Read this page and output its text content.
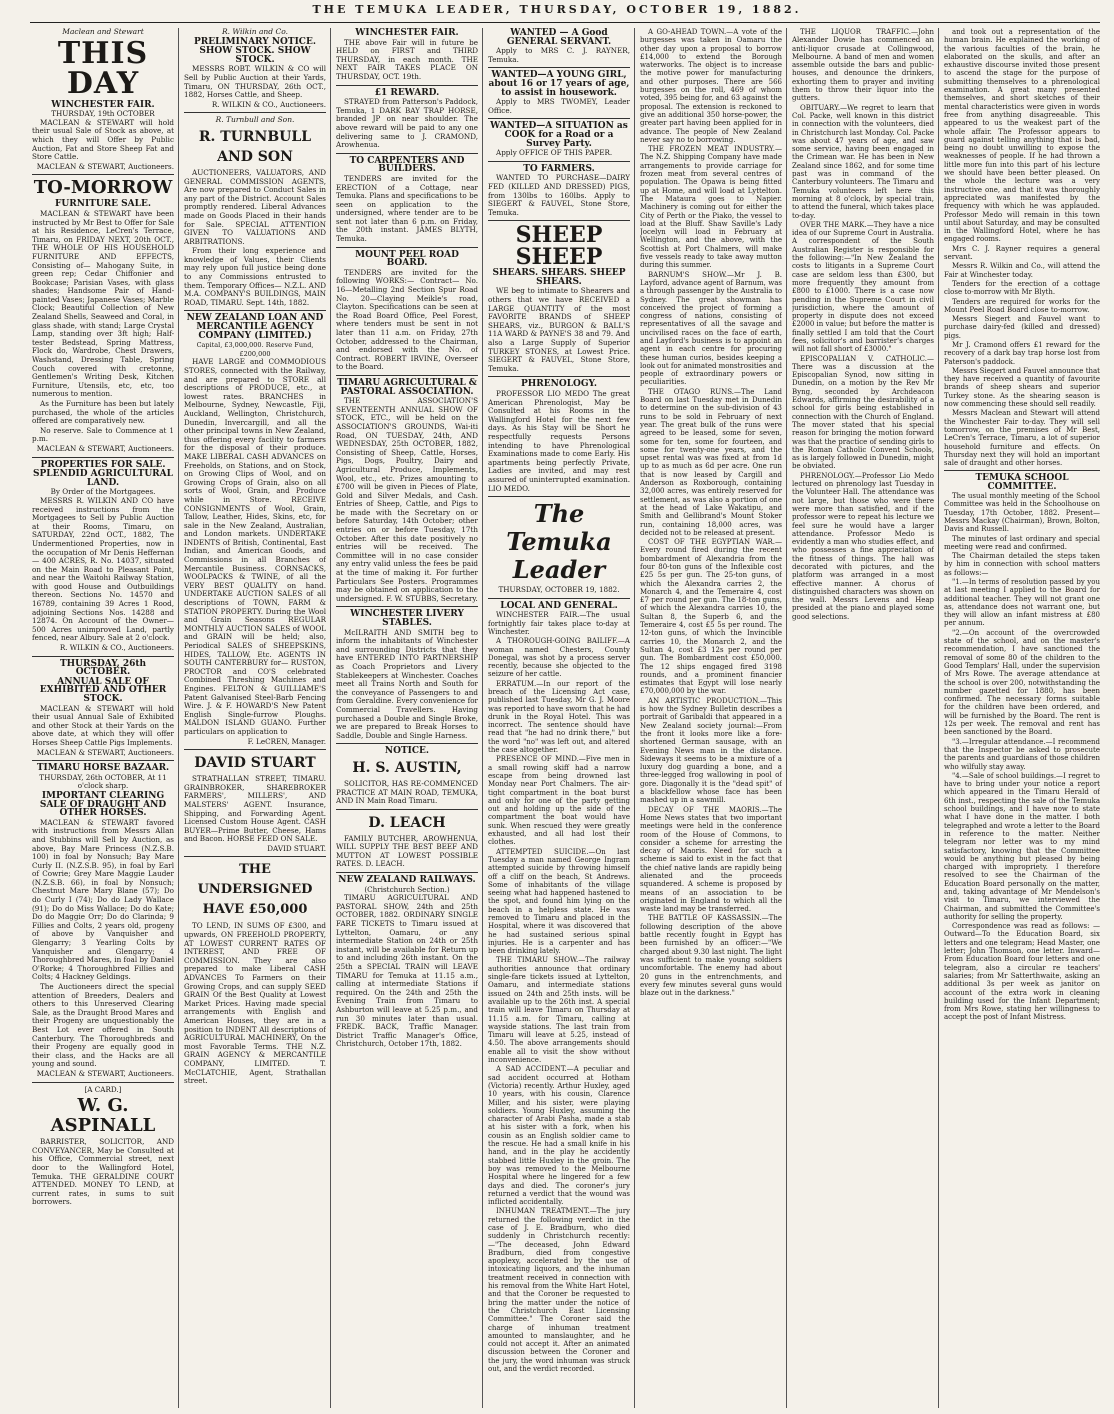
THE TEMUKA LEADER, THURSDAY, OCTOBER 19, 1882.
Maclean and Stewart
THIS DAY
WINCHESTER FAIR.
THURSDAY, 19th OCTOBER

MACLEAN & STEWART will hold their usual Sale of Stock as above, at which they will Offer by Public Auction, Fat and Store Sheep Fat and Store Cattle.

MACLEAN & STEWART, Auctioneers.
TO-MORROW
FURNITURE SALE.

MACLEAN & STEWART have been instructed by Mr Best to Offer for Sale at his Residence, LeCren's Terrace, Timaru, on FRIDAY NEXT, 20th OCT., THE WHOLE OF HIS HOUSEHOLD FURNITURE AND EFFECTS, Consisting of— Mahogany Suite, in green rep; Cedar Chiffonier and Bookcase; Parisian Vases, with glass shades; Handsome Pair of Hand-painted Vases; Japanese Vases; Marble Clock; Beautiful Collection of New Zealand Shells, Seaweed and Coral, in glass shade, with stand; Large Crystal Lamp, standing over 3ft high; Half-tester Bedstead, Spring Mattress, Flock do, Wardrobe, Chest Drawers, Washstand, Dressing Table, Spring Couch covered with cretonne, Gentlemen's Writing Desk, Kitchen Furniture, Utensils, etc, etc, too numerous to mention.

As the Furniture has been but lately purchased, the whole of the articles offered are comparatively new.

No reserve. Sale to Commence at 1 p.m.

MACLEAN & STEWART, Auctioneers.
PROPERTIES FOR SALE.
SPLENDID AGRICULTURAL LAND.
By Order of the Mortgagees.

MESSRS R. WILKIN AND CO have received instructions from the Mortgagees to Sell by Public Auction at their Rooms, Timaru, on SATURDAY, 22nd OCT., 1882, The Undermentioned Properties, now in the occupation of Mr Denis Heffernan— 400 ACRES, R. No. 14037, situated on the Main Road to Pleasant Point, and near the Waitohi Railway Station, with good House and Outbuildings thereon. Sections No. 14570 and 16789, containing 39 Acres 1 Rood, adjoining Sections Nos. 14288 and 12874. On Account of the Owner— 500 Acres unimproved Land, partly fenced, near Albury. Sale at 2 o'clock.

R. WILKIN & CO., Auctioneers.
THURSDAY, 26th OCTOBER.
ANNUAL SALE OF EXHIBITED AND OTHER STOCK.

MACLEAN & STEWART will hold their usual Annual Sale of Exhibited and other Stock at their Yards on the above date, at which they will offer Horses Sheep Cattle Pigs Implements.

MACLEAN & STEWART, Auctioneers.
TIMARU HORSE BAZAAR.
THURSDAY, 26th OCTOBER, At 11 o'clock sharp.
IMPORTANT CLEARING SALE OF DRAUGHT AND OTHER HORSES.

MACLEAN & STEWART favored with instructions from Messrs Allan and Stubbins will Sell by Auction, as above, Bay Mare Princess (N.Z.S.B. 100) in foal by Nonsuch; Bay Mare Curly II. (N.Z.S.B. 95), in foal by Earl of Cowrie; Grey Mare Maggie Lauder (N.Z.S.B. 66), in foal by Nonsuch; Chestnut Mare Mary Blane (57); Do do Curly I (74); Do do Lady Wallace (91); Do do Miss Wallace; Do do Kate; Do do Maggie Orr; Do do Clarinda; 9 Fillies and Colts, 2 years old, progeny of above by Vanquisher and Glengarry; 3 Yearling Colts by Vanquisher and Glengarry; 4 Thoroughbred Mares, in foal by Daniel O'Rorke; 4 Thoroughbred Fillies and Colts; 4 Hackney Geldings.

The Auctioneers direct the special attention of Breeders, Dealers and others to this Unreserved Clearing Sale, as the Draught Brood Mares and their Progeny are unquestionably the Best Lot ever offered in South Canterbury. The Thoroughbreds and their Progeny are equally good in their class, and the Hacks are all young and sound.

MACLEAN & STEWART, Auctioneers.
[A CARD.]
W. G. ASPINALL

BARRISTER, SOLICITOR, AND CONVEYANCER, May be Consulted at his Office, Commercial street, next door to the Wallingford Hotel, Temuka. THE GERALDINE COURT ATTENDED. MONEY TO LEND, at current rates, in sums to suit borrowers.

R. Wilkin and Co.
PRELIMINARY NOTICE.
SHOW STOCK. SHOW STOCK.

MESSRS ROBT. WILKIN & CO will Sell by Public Auction at their Yards, Timaru, ON THURSDAY, 26th OCT., 1882, Horses Cattle, and Sheep.

R. WILKIN & CO., Auctioneers.
R. Turnbull and Son.
R. TURNBULL AND SON

AUCTIONEERS, VALUATORS, AND GENERAL COMMISSION AGENTS, Are now prepared to Conduct Sales in any part of the District. Account Sales promptly rendered. Liberal Advances made on Goods Placed in their hands for Sale. SPECIAL ATTENTION GIVEN TO VALUATIONS AND ARBITRATIONS.

From their long experience and knowledge of Values, their Clients may rely upon full justice being done to any Commissions entrusted to them. Temporary Offices— N.Z.L. AND M.A. COMPANY'S BUILDINGS, MAIN ROAD, TIMARU. Sept. 14th, 1882.

NEW ZEALAND LOAN AND MERCANTILE AGENCY COMPANY (LIMITED.)
Capital, £3,000,000. Reserve Fund, £200,000

HAVE LARGE and COMMODIOUS STORES, connected with the Railway, and are prepared to STORE all descriptions of PRODUCE, etc., at lowest rates. BRANCHES in Melbourne, Sydney, Newcastle, Fiji, Auckland, Wellington, Christchurch, Dunedin, Invercargill, and all the other principal towns in New Zealand, thus offering every facility to farmers for the disposal of their produce. MAKE LIBERAL CASH ADVANCES on Freeholds, on Stations, and on Stock, on Growing Clips of Wool, and on Growing Crops of Grain, also on all sorts of Wool, Grain, and Produce while in Store. RECEIVE CONSIGNMENTS of Wool, Grain, Tallow, Leather, Hides, Skins, etc, for sale in the New Zealand, Australian, and London markets. UNDERTAKE INDENTS of British, Continental, East Indian, and American Goods, and Commissions in all Branches of Mercantile Business. CORNSACKS, WOOLPACKS & TWINE, of all the VERY BEST QUALITY on hand. UNDERTAKE AUCTION SALES of all descriptions of TOWN, FARM & STATION PROPERTY. During the Wool and Grain Seasons REGULAR MONTHLY AUCTION SALES of WOOL and GRAIN will be held; also, Periodical SALES of SHEEPSKINS, HIDES, TALLOW, Etc. AGENTS IN SOUTH CANTERBURY for— RUSTON, PROCTOR and CO'S celebrated Combined Threshing Machines and Engines. FELTON & GUILLIAME'S Patent Galvanised Steel-Barb Fencing Wire. J. & F. HOWARD'S New Patent English Single-furrow Ploughs. MALDON ISLAND GUANO. Further particulars on application to

F. LeCREN, Manager.
DAVID STUART

STRATHALLAN STREET, TIMARU. GRAINBROKER, SHAREBROKER FARMERS', MILLERS', AND MALSTERS' AGENT. Insurance, Shipping, and Forwarding Agent. Licensed Custom House Agent. CASH BUYER—Prime Butter, Cheese, Hams and Bacon. HORSE FEED ON SALE.

DAVID STUART.
THE UNDERSIGNED HAVE £50,000

TO LEND, IN SUMS OF £300, and upwards, ON FREEHOLD PROPERTY, AT LOWEST CURRENT RATES OF INTEREST, AND FREE OF COMMISSION. They are also prepared to make Liberal CASH ADVANCES To Farmers on their Growing Crops, and can supply SEED GRAIN Of the Best Quality at Lowest Market Prices. Having made special arrangements with English and American Houses, they are in a position to INDENT All descriptions of AGRICULTURAL MACHINERY, On the most Favorable Terms. THE N.Z. GRAIN AGENCY & MERCANTILE COMPANY, LIMITED. T. McCLATCHIE, Agent, Strathallan street.

WINCHESTER FAIR.

THE above Fair will in future be HELD on FIRST and THIRD THURSDAY, in each month. THE NEXT FAIR TAKES PLACE ON THURSDAY, OCT. 19th.

£1 REWARD.

STRAYED from Patterson's Paddock, Temuka, 1 DARK BAY TRAP HORSE, branded JP on near shoulder. The above reward will be paid to any one delivering same to J. CRAMOND, Arowhenua.

TO CARPENTERS AND BUILDERS.

TENDERS are invited for the ERECTION of a Cottage, near Temuka. Plans and specifications to be seen on application to the undersigned, where tender are to be sent not later than 6 p.m. on Friday, the 20th instant. JAMES BLYTH, Temuka.

MOUNT PEEL ROAD BOARD.

TENDERS are invited for the following WORKS:— Contract— No. 16—Metalling 2nd Section Spur Road No. 20—Claying Meikle's road, Clayton. Specifications can be seen at the Road Board Office, Peel Forest, where tenders must be sent in not later than 11 a.m. on Friday, 27th October, addressed to the Chairman, and endorsed with the No. of Contract. ROBERT IRVINE, Overseer to the Board.

TIMARU AGRICULTURAL & PASTORAL ASSOCIATION.

THE ASSOCIATION'S SEVENTEENTH ANNUAL SHOW OF STOCK, ETC., will be held on the ASSOCIATION'S GROUNDS, Wai-iti Road, ON TUESDAY, 24th, AND WEDNESDAY, 25th OCTOBER, 1882, Consisting of Sheep, Cattle, Horses, Pigs, Dogs, Poultry, Dairy and Agricultural Produce, Implements, Wool, etc., etc. Prizes amounting to £700 will be given in Pieces of Plate, Gold and Silver Medals, and Cash. Entries of Sheep, Cattle, and Pigs to be made with the Secretary on or before Saturday, 14th October; other entries on or before Tuesday, 17th October. After this date positively no entries will be received. The Committee will in no case consider any entry valid unless the fees be paid at the time of making it. For further Particulars See Posters. Programmes may be obtained on application to the undersigned. F. W. STUBBS, Secretary.

WINCHESTER LIVERY STABLES.

McILRAITH AND SMITH beg to inform the inhabitants of Winchester and surrounding Districts that they have ENTERED INTO PARTNERSHIP as Coach Proprietors and Livery Stablekeepers at Winchester. Coaches meet all Trains North and South for the conveyance of Passengers to and from Geraldine. Every convenience for Commercial Travellers. Having purchased a Double and Single Broke, we are prepared to Break Horses to Saddle, Double and Single Harness.

NOTICE.
H. S. AUSTIN,

SOLICITOR, HAS RE-COMMENCED PRACTICE AT MAIN ROAD, TEMUKA, AND IN Main Road Timaru.

D. LEACH

FAMILY BUTCHER, AROWHENUA, WILL SUPPLY THE BEST BEEF AND MUTTON AT LOWEST POSSIBLE RATES. D. LEACH.

NEW ZEALAND RAILWAYS.
(Christchurch Section.)

TIMARU AGRICULTURAL AND PASTORAL SHOW, 24th and 25th OCTOBER, 1882. ORDINARY SINGLE FARE TICKETS to Timaru issued at Lyttelton, Oamaru, or any intermediate Station on 24th or 25th instant, will be available for Return up to and including 26th instant. On the 25th a SPECIAL TRAIN will LEAVE TIMARU for Temuka at 11.15 a.m., calling at intermediate Stations if required. On the 24th and 25th the Evening Train from Timaru to Ashburton will leave at 5.25 p.m., and run 30 minutes later than usual. FREDK. BACK, Traffic Manager. District Traffic Manager's Office, Christchurch, October 17th, 1882.

WANTED — A Good GENERAL SERVANT.

Apply to MRS C. J. RAYNER, Temuka.

WANTED—A YOUNG GIRL, about 16 or 17 years of age, to assist in housework.

Apply to MRS TWOMEY, Leader Office.

WANTED—A SITUATION as COOK for a Road or a Survey Party.

Apply OFFICE OF THIS PAPER.

TO FARMERS.

WANTED TO PURCHASE—DAIRY FED (KILLED AND DRESSED) PIGS, from 130lbs to 160lbs. Apply to SIEGERT & FAUVEL, Stone Store, Temuka.

SHEEP SHEEP
SHEARS. SHEARS. SHEEP SHEARS.

WE beg to intimate to Shearers and others that we have RECEIVED a LARGE QUANTITY of the most FAVORITE BRANDS of SHEEP SHEARS, viz., BURGON & BALL'S 11A WARD & PAYNE'S 38 and 79. And also a Large Supply of Superior TURKEY STONES, at Lowest Price. SIEGERT & FAUVEL, Stone Store, Temuka.

PHRENOLOGY.

PROFESSOR LIO MEDO The great American Phrenologist, May be Consulted at his Rooms in the Wallingford Hotel for the next few days. As his Stay will be Short he respectfully requests Persons intending to have Phrenological Examinations made to come Early. His apartments being perfectly Private, Ladies are invited, and may rest assured of uninterrupted examination. LIO MEDO.

The Temuka Leader
THURSDAY, OCTOBER 19, 1882.
LOCAL AND GENERAL.

WINCHESTER FAIR.—The usual fortnightly fair takes place to-day at Winchester.

A THOROUGH-GOING BAILIFF.—A woman named Chesters, County Donegal, was shot by a process server recently, because she objected to the seizure of her cattle.

ERRATUM.—In our report of the breach of the Licensing Act case, published last Tuesday, Mr G. J. Moore was reported to have sworn that he had drunk in the Royal Hotel. This was incorrect. The sentence should have read that "he had no drink there," but the word "no" was left out, and altered the case altogether.

PRESENCE OF MIND.—Five men in a small rowing skiff had a narrow escape from being drowned last Monday near Port Chalmers. The air-tight compartment in the boat burst and only for one of the party getting out and holding up the side of the compartment the boat would have sunk. When rescued they were greatly exhausted, and all had lost their clothes.

ATTEMPTED SUICIDE.—On last Tuesday a man named George Ingram attempted suicide by throwing himself off a cliff on the beach, St Andrews. Some of inhabitants of the village seeing what had happened hastened to the spot, and found him lying on the beach in a helpless state. He was removed to Timaru and placed in the Hospital, where it was discovered that he had sustained serious spinal injuries. He is a carpenter and has been drinking lately.

THE TIMARU SHOW.—The railway authorities announce that ordinary single-fare tickets issued at Lyttelton, Oamaru, and intermediate stations issued on 24th and 25th insts. will be available up to the 26th inst. A special train will leave Timaru on Thursday at 11.15 a.m. for Timaru, calling at wayside stations. The last train from Timaru will leave at 5.25, instead of 4.50. The above arrangements should enable all to visit the show without inconvenience.

A SAD ACCIDENT.—A peculiar and sad accident occurred at Hotham (Victoria) recently. Arthur Huxley, aged 10 years, with his cousin, Clarence Miller, and his sister, were playing soldiers. Young Huxley, assuming the character of Arabi Pasha, made a stab at his sister with a fork, when his cousin as an English soldier came to the rescue. He had a small knife in his hand, and in the play he accidently stabbed little Huxley in the groin. The boy was removed to the Melbourne Hospital where he lingered for a few days and died. The coroner's jury returned a verdict that the wound was inflicted accidentally.

INHUMAN TREATMENT.—The jury returned the following verdict in the case of J. E. Bradburn, who died suddenly in Christchurch recently:—"The deceased, John Edward Bradburn, died from congestive apoplexy, accelerated by the use of intoxicating liquors, and the inhuman treatment received in connection with his removal from the White Hart Hotel, and that the Coroner be requested to bring the matter under the notice of the Christchurch East Licensing Committee." The Coroner said the charge of inhuman treatment amounted to manslaughter, and he could not accept it. After an animated discussion between the Coroner and the jury, the word inhuman was struck out, and the verdict recorded.

A GO-AHEAD TOWN.—A vote of the burgesses was taken in Oamaru the other day upon a proposal to borrow £14,000 to extend the Borough waterworks. The object is to increase the motive power for manufacturing and other purposes. There are 566 burgesses on the roll, 469 of whom voted, 395 being for, and 63 against the proposal. The extension is reckoned to give an additional 350 horse-power, the greater part having been applied for in advance. The people of New Zealand never say no to borrowing.

THE FROZEN MEAT INDUSTRY.—The N.Z. Shipping Company have made arrangements to provide carriage for frozen meat from several centres of population. The Opawa is being fitted up at Home, and will load at Lyttelton. The Mataura goes to Napier. Machinery is coming out for either the City of Perth or the Piako, the vessel to load at the Bluff. Shaw Saville's Lady Jocelyn will load in February at Wellington, and the above, with the Scottish at Port Chalmers, will make five vessels ready to take away mutton during this summer.

BARNUM'S SHOW.—Mr J. B. Layford, advance agent of Barnum, was a through passenger by the Australia to Sydney. The great showman has conceived the project of forming a congress of nations, consisting of representatives of all the savage and uncivilised races on the face of earth, and Layford's business is to appoint an agent in each centre for procuring these human curios, besides keeping a look out for animated monstrosities and people of extraordinary powers or peculiarities.

THE OTAGO RUNS.—The Land Board on last Tuesday met in Dunedin to determine on the sub-division of 43 runs to be sold in February of next year. The great bulk of the runs were agreed to be leased, some for seven, some for ten, some for fourteen, and some for twenty-one years, and the upset rental was was fixed at from 1d up to as much as 6d per acre. One run that is now leased by Cargill and Anderson as Roxborough, containing 32,000 acres, was entirely reserved for settlement, as was also a portion of one at the head of Lake Wakatipu, and Smith and Gellibrand's Mount Stoker run, containing 18,000 acres, was decided not to be released at present.

COST OF THE EGYPTIAN WAR.—Every round fired during the recent bombardment of Alexandria from the four 80-ton guns of the Inflexible cost £25 5s per gun. The 25-ton guns, of which the Alexandra carries 2, the Monarch 4, and the Temeraire 4, cost £7 per round per gun. The 18-ton guns, of which the Alexandra carries 10, the Sultan 8, the Superb 6, and the Temeraire 4, cost £5 5s per round. The 12-ton guns, of which the Invincible carries 10, the Monarch 2, and the Sultan 4, cost £3 12s per round per gun. The Bombardment cost £50,000. The 12 ships engaged fired 3198 rounds, and a prominent financier estimates that Egypt will lose nearly £70,000,000 by the war.

AN ARTISTIC PRODUCTION.—This is how the Sydney Bulletin describes a portrait of Garibaldi that appeared in a New Zealand society journal:—From the front it looks more like a fore-shortened German sausage, with an Evening News man in the distance. Sideways it seems to be a mixture of a luxury dog guarding a bone, and a three-legged frog wallowing in pool of gore. Diagonally it is the "dead spit" of a blackfellow whose face has been mashed up in a sawmill.

DECAY OF THE MAORIS.—The Home News states that two important meetings were held in the conference room of the House of Commons, to consider a scheme for arresting the decay of Maoris. Need for such a scheme is said to exist in the fact that the chief native lands are rapidly being alienated and the proceeds squandered. A scheme is proposed by means of an association to be originated in England to which all the waste land may be transferred.

THE BATTLE OF KASSASSIN.—The following description of the above battle recently fought in Egypt has been furnished by an officer:—"We charged about 9.30 last night. The light was sufficient to make young soldiers uncomfortable. The enemy had about 20 guns in the entrenchments, and every few minutes several guns would blaze out in the darkness."

THE LIQUOR TRAFFIC.—John Alexander Dowie has commenced an anti-liquor crusade at Collingwood, Melbourne. A band of men and women assemble outside the bars and public-houses, and denounce the drinkers, exhorting them to prayer and inviting them to throw their liquor into the gutters.

OBITUARY.—We regret to learn that Col. Packe, well known in this district in connection with the volunteers, died in Christchurch last Monday. Col. Packe was about 47 years of age, and saw some service, having been engaged in the Crimean war. He has been in New Zealand since 1862, and for some time past was in command of the Canterbury volunteers. The Timaru and Temuka volunteers left here this morning at 8 o'clock, by special train, to attend the funeral, which takes place to-day.

OVER THE MARK.—They have a nice idea of our Supreme Court in Australia. A correspondent of the South Australian Register is responsible for the following:—"In New Zealand the costs to litigants in a Supreme Court case are seldom less than £300, but more frequently they amount from £800 to £1000. There is a case now pending in the Supreme Court in civil jurisdiction, where the amount of property in dispute does not exceed £2000 in value; but before the matter is finally settled I am told that the Court fees, solicitor's and barrister's charges will not fall short of £3000."

EPISCOPALIAN V. CATHOLIC.—There was a discussion at the Episcopalian Synod, now sitting in Dunedin, on a motion by the Rev Mr Byng, seconded by Archdeacon Edwards, affirming the desirability of a school for girls being established in connection with the Church of England. The mover stated that his special reason for bringing the motion forward was that the practice of sending girls to the Roman Catholic Convent Schools, as is largely followed in Dunedin, might be obviated.

PHRENOLOGY.—Professor Lio Medo lectured on phrenology last Tuesday in the Volunteer Hall. The attendance was not large, but those who were there were more than satisfied, and if the professor were to repeat his lecture we feel sure he would have a larger attendance. Professor Medo is evidently a man who studies effect, and who possesses a fine appreciation of the fitness of things. The hall was decorated with pictures, and the platform was arranged in a most effective manner. A chorus of distinguished characters was shown on the wall. Messrs Levens and Heap presided at the piano and played some good selections.

and took out a representation of the human brain. He explained the working of the various faculties of the brain, he elaborated on the skulls, and after an exhaustive discourse invited those present to ascend the stage for the purpose of submitting themselves to a phrenological examination. A great many presented themselves, and short sketches of their mental characteristics were given in words free from anything disagreeable. This appeared to us the weakest part of the whole affair. The Professor appears to guard against telling anything that is bad, being no doubt unwilling to expose the weaknesses of people. If he had thrown a little more fun into this part of his lecture we should have been better pleased. On the whole the lecture was a very instructive one, and that it was thoroughly appreciated was manifested by the frequency with which he was applauded. Professor Medo will remain in this town until about Saturday, and may be consulted in the Wallingford Hotel, where he has engaged rooms.

Mrs C. J. Rayner requires a general servant.

Messrs R. Wilkin and Co., will attend the Fair at Winchester today.

Tenders for the erection of a cottage close to-morrow with Mr Blyth.

Tenders are required for works for the Mount Peel Road Board close to-morrow.

Messrs Siegert and Fauvel want to purchase dairy-fed (killed and dressed) pigs.

Mr J. Cramond offers £1 reward for the recovery of a dark bay trap horse lost from Paterson's paddock.

Messrs Siegert and Fauvel announce that they have received a quantity of favourite brands of sheep shears and superior Turkey stone. As the shearing season is now commencing these should sell readily.

Messrs Maclean and Stewart will attend the Winchester Fair to-day. They will sell tomorrow, on the premises of Mr Best, LeCren's Terrace, Timaru, a lot of superior household furniture and effects. On Thursday next they will hold an important sale of draught and other horses.

TEMUKA SCHOOL COMMITTEE.

The usual monthly meeting of the School Committee was held in the Schoolhouse on Tuesday, 17th October, 1882. Present—Messrs Mackay (Chairman), Brown, Bolton, Davis and Russell.

The minutes of last ordinary and special meeting were read and confirmed.

The Chairman detailed the steps taken by him in connection with school matters as follows:—

"1.—In terms of resolution passed by you at last meeting I applied to the Board for additional teacher. They will not grant one as, attendance does not warrant one, but they will allow an infant mistress at £80 per annum.

"2.—On account of the overcrowded state of the school, and on the master's recommendation, I have sanctioned the removal of some 80 of the children to the Good Templars' Hall, under the supervision of Mrs Rowe. The average attendance at the school is over 200, notwithstanding the number gazetted for 1880, has been confirmed. The necessary forms suitable for the children have been ordered, and will be furnished by the Board. The rent is 12s per week. The removal and rent has been sanctioned by the Board.

"3.—Irregular attendance.—I recommend that the Inspector be asked to prosecute the parents and guardians of those children who wilfully stay away.

"4.—Sale of school buildings.—I regret to have to bring under your notice a report which appeared in the Timaru Herald of 6th inst., respecting the sale of the Temuka school buildings, and I have now to state what I have done in the matter. I both telegraphed and wrote a letter to the Board in reference to the matter. Neither telegram nor letter was to my mind satisfactory, knowing that the Committee would be anything but pleased by being charged with impropriety. I therefore resolved to see the Chairman of the Education Board personally on the matter, and, taking advantage of Mr Mendelson's visit to Timaru, we interviewed the Chairman, and submitted the Committee's authority for selling the property.

Correspondence was read as follows: —Outward—To the Education Board, six letters and one telegram; Head Master, one letter; John Thomson, one letter. Inward—From Education Board four letters and one telegram, also a circular re teachers' salaries; from Mr Satterthwaite, asking an additional 3s per week as janitor on account of the extra work in cleaning building used for the Infant Department; from Mrs Rowe, stating her willingness to accept the post of Infant Mistress.
